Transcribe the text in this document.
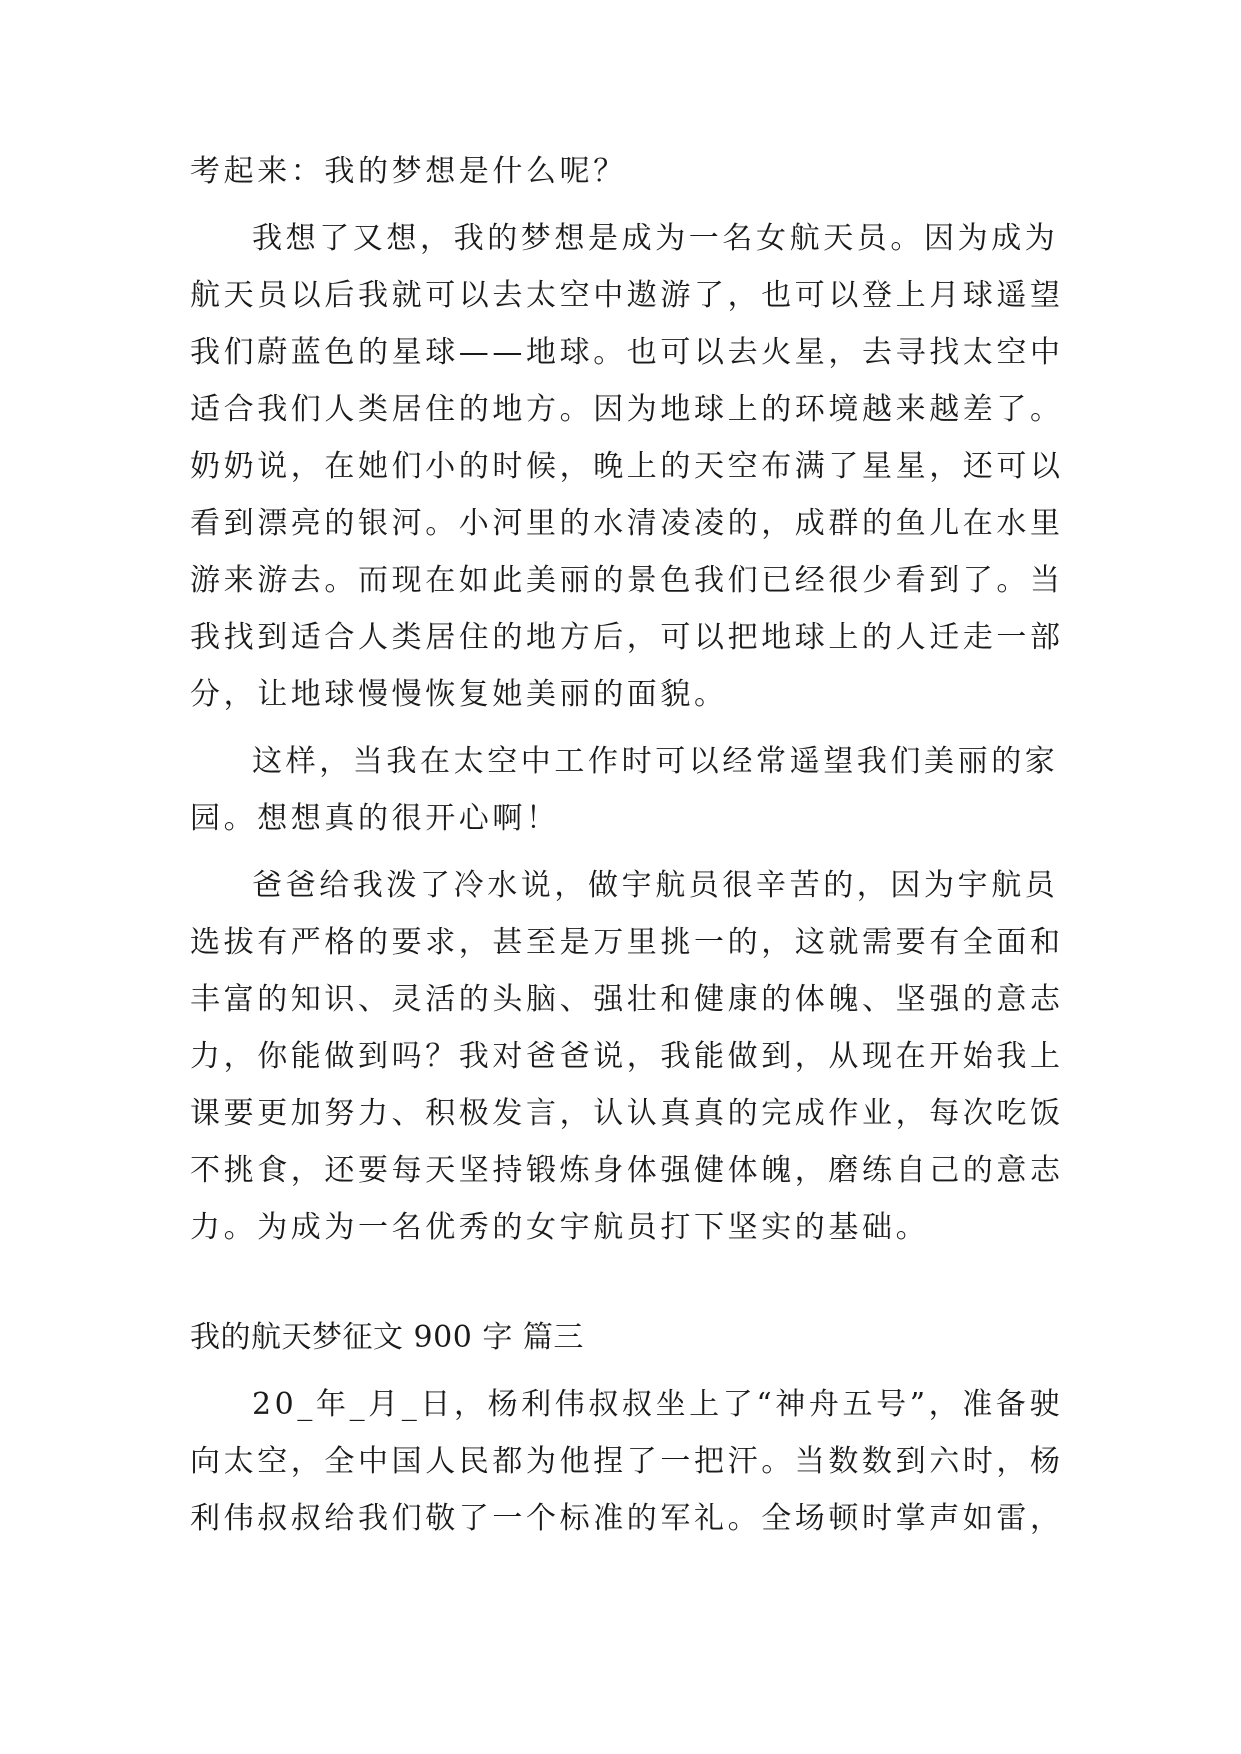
考起来：我的梦想是什么呢？
我想了又想，我的梦想是成为一名女航天员。因为成为
航天员以后我就可以去太空中遨游了，也可以登上月球遥望
我们蔚蓝色的星球——地球。也可以去火星，去寻找太空中
适合我们人类居住的地方。因为地球上的环境越来越差了。
奶奶说，在她们小的时候，晚上的天空布满了星星，还可以
看到漂亮的银河。小河里的水清凌凌的，成群的鱼儿在水里
游来游去。而现在如此美丽的景色我们已经很少看到了。当
我找到适合人类居住的地方后，可以把地球上的人迁走一部
分，让地球慢慢恢复她美丽的面貌。
这样，当我在太空中工作时可以经常遥望我们美丽的家
园。想想真的很开心啊！
爸爸给我泼了冷水说，做宇航员很辛苦的，因为宇航员
选拔有严格的要求，甚至是万里挑一的，这就需要有全面和
丰富的知识、灵活的头脑、强壮和健康的体魄、坚强的意志
力，你能做到吗？我对爸爸说，我能做到，从现在开始我上
课要更加努力、积极发言，认认真真的完成作业，每次吃饭
不挑食，还要每天坚持锻炼身体强健体魄，磨练自己的意志
力。为成为一名优秀的女宇航员打下坚实的基础。
我的航天梦征文 900 字 篇三
20_年_月_日，杨利伟叔叔坐上了“神舟五号”，准备驶
向太空，全中国人民都为他捏了一把汗。当数数到六时，杨
利伟叔叔给我们敬了一个标准的军礼。全场顿时掌声如雷，
